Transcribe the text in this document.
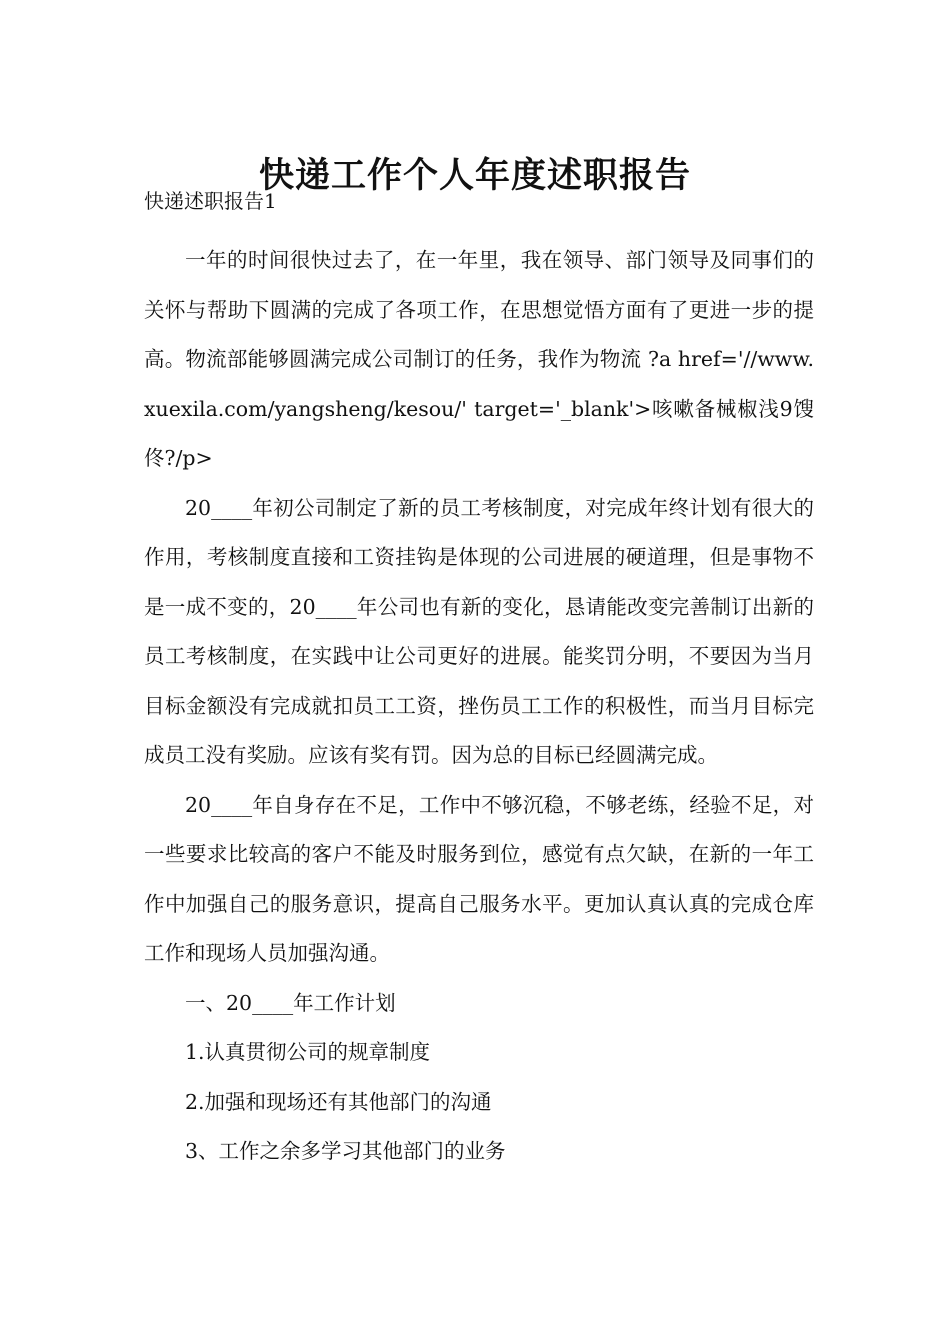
快递工作个人年度述职报告
快递述职报告1

一年的时间很快过去了，在一年里，我在领导、部门领导及同事们的关怀与帮助下圆满的完成了各项工作，在思想觉悟方面有了更进一步的提高。物流部能够圆满完成公司制订的任务，我作为物流 ?a href='//www.xuexila.com/yangsheng/kesou/' target='_blank'>咳嗽备械椒浅9馊佟?/p>

20____年初公司制定了新的员工考核制度，对完成年终计划有很大的作用，考核制度直接和工资挂钩是体现的公司进展的硬道理，但是事物不是一成不变的，20____年公司也有新的变化，恳请能改变完善制订出新的员工考核制度，在实践中让公司更好的进展。能奖罚分明，不要因为当月目标金额没有完成就扣员工工资，挫伤员工工作的积极性，而当月目标完成员工没有奖励。应该有奖有罚。因为总的目标已经圆满完成。

20____年自身存在不足，工作中不够沉稳，不够老练，经验不足，对一些要求比较高的客户不能及时服务到位，感觉有点欠缺，在新的一年工作中加强自己的服务意识，提高自己服务水平。更加认真认真的完成仓库工作和现场人员加强沟通。

一、20____年工作计划

1.认真贯彻公司的规章制度

2.加强和现场还有其他部门的沟通

3、工作之余多学习其他部门的业务
